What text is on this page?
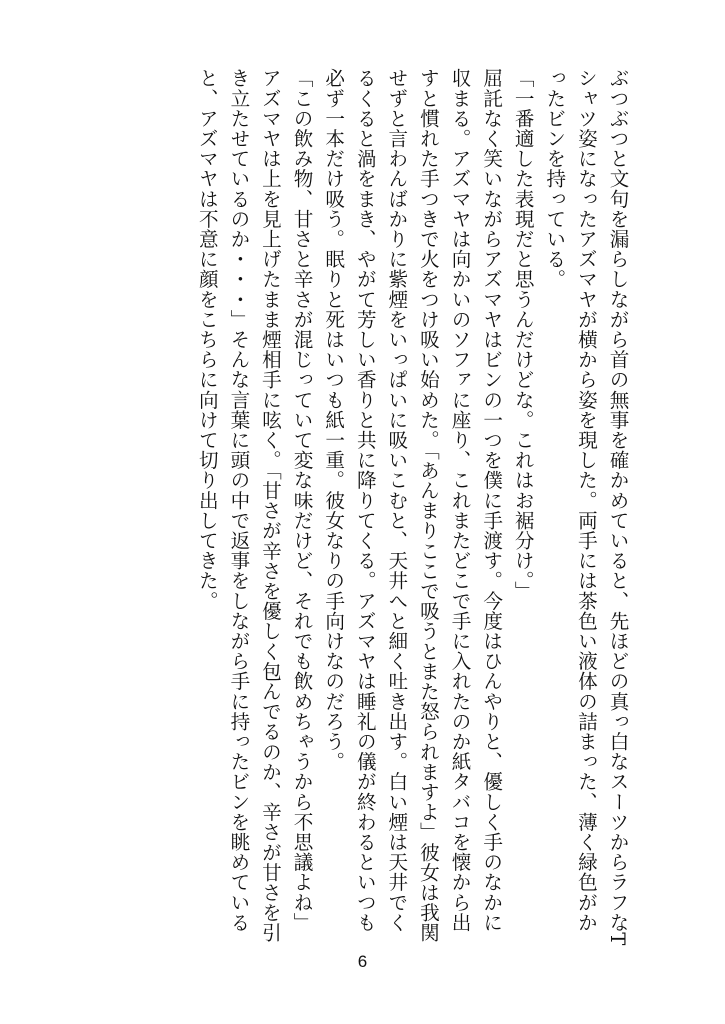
ぶつぶつと文句を漏らしながら首の無事を確かめていると、先ほどの真っ白なスーツからラフなTシャツ姿になったアズマヤが横から姿を現した。両手には茶色い液体の詰まった、薄く緑色がかったビンを持っている。
「一番適した表現だと思うんだけどな。これはお裾分け。」
屈託なく笑いながらアズマヤはビンの一つを僕に手渡す。今度はひんやりと、優しく手のなかに収まる。アズマヤは向かいのソファに座り、これまたどこで手に入れたのか紙タバコを懐から出すと慣れた手つきで火をつけ吸い始めた。「あんまりここで吸うとまた怒られますよ」彼女は我関せずと言わんばかりに紫煙をいっぱいに吸いこむと、天井へと細く吐き出す。白い煙は天井でくるくると渦をまき、やがて芳しい香りと共に降りてくる。アズマヤは睡礼の儀が終わるといつも必ず一本だけ吸う。眠りと死はいつも紙一重。彼女なりの手向けなのだろう。
「この飲み物、甘さと辛さが混じっていて変な味だけど、それでも飲めちゃうから不思議よね」アズマヤは上を見上げたまま煙相手に呟く。「甘さが辛さを優しく包んでるのか、辛さが甘さを引き立たせているのか・・・」そんな言葉に頭の中で返事をしながら手に持ったビンを眺めていると、アズマヤは不意に顔をこちらに向けて切り出してきた。
6
